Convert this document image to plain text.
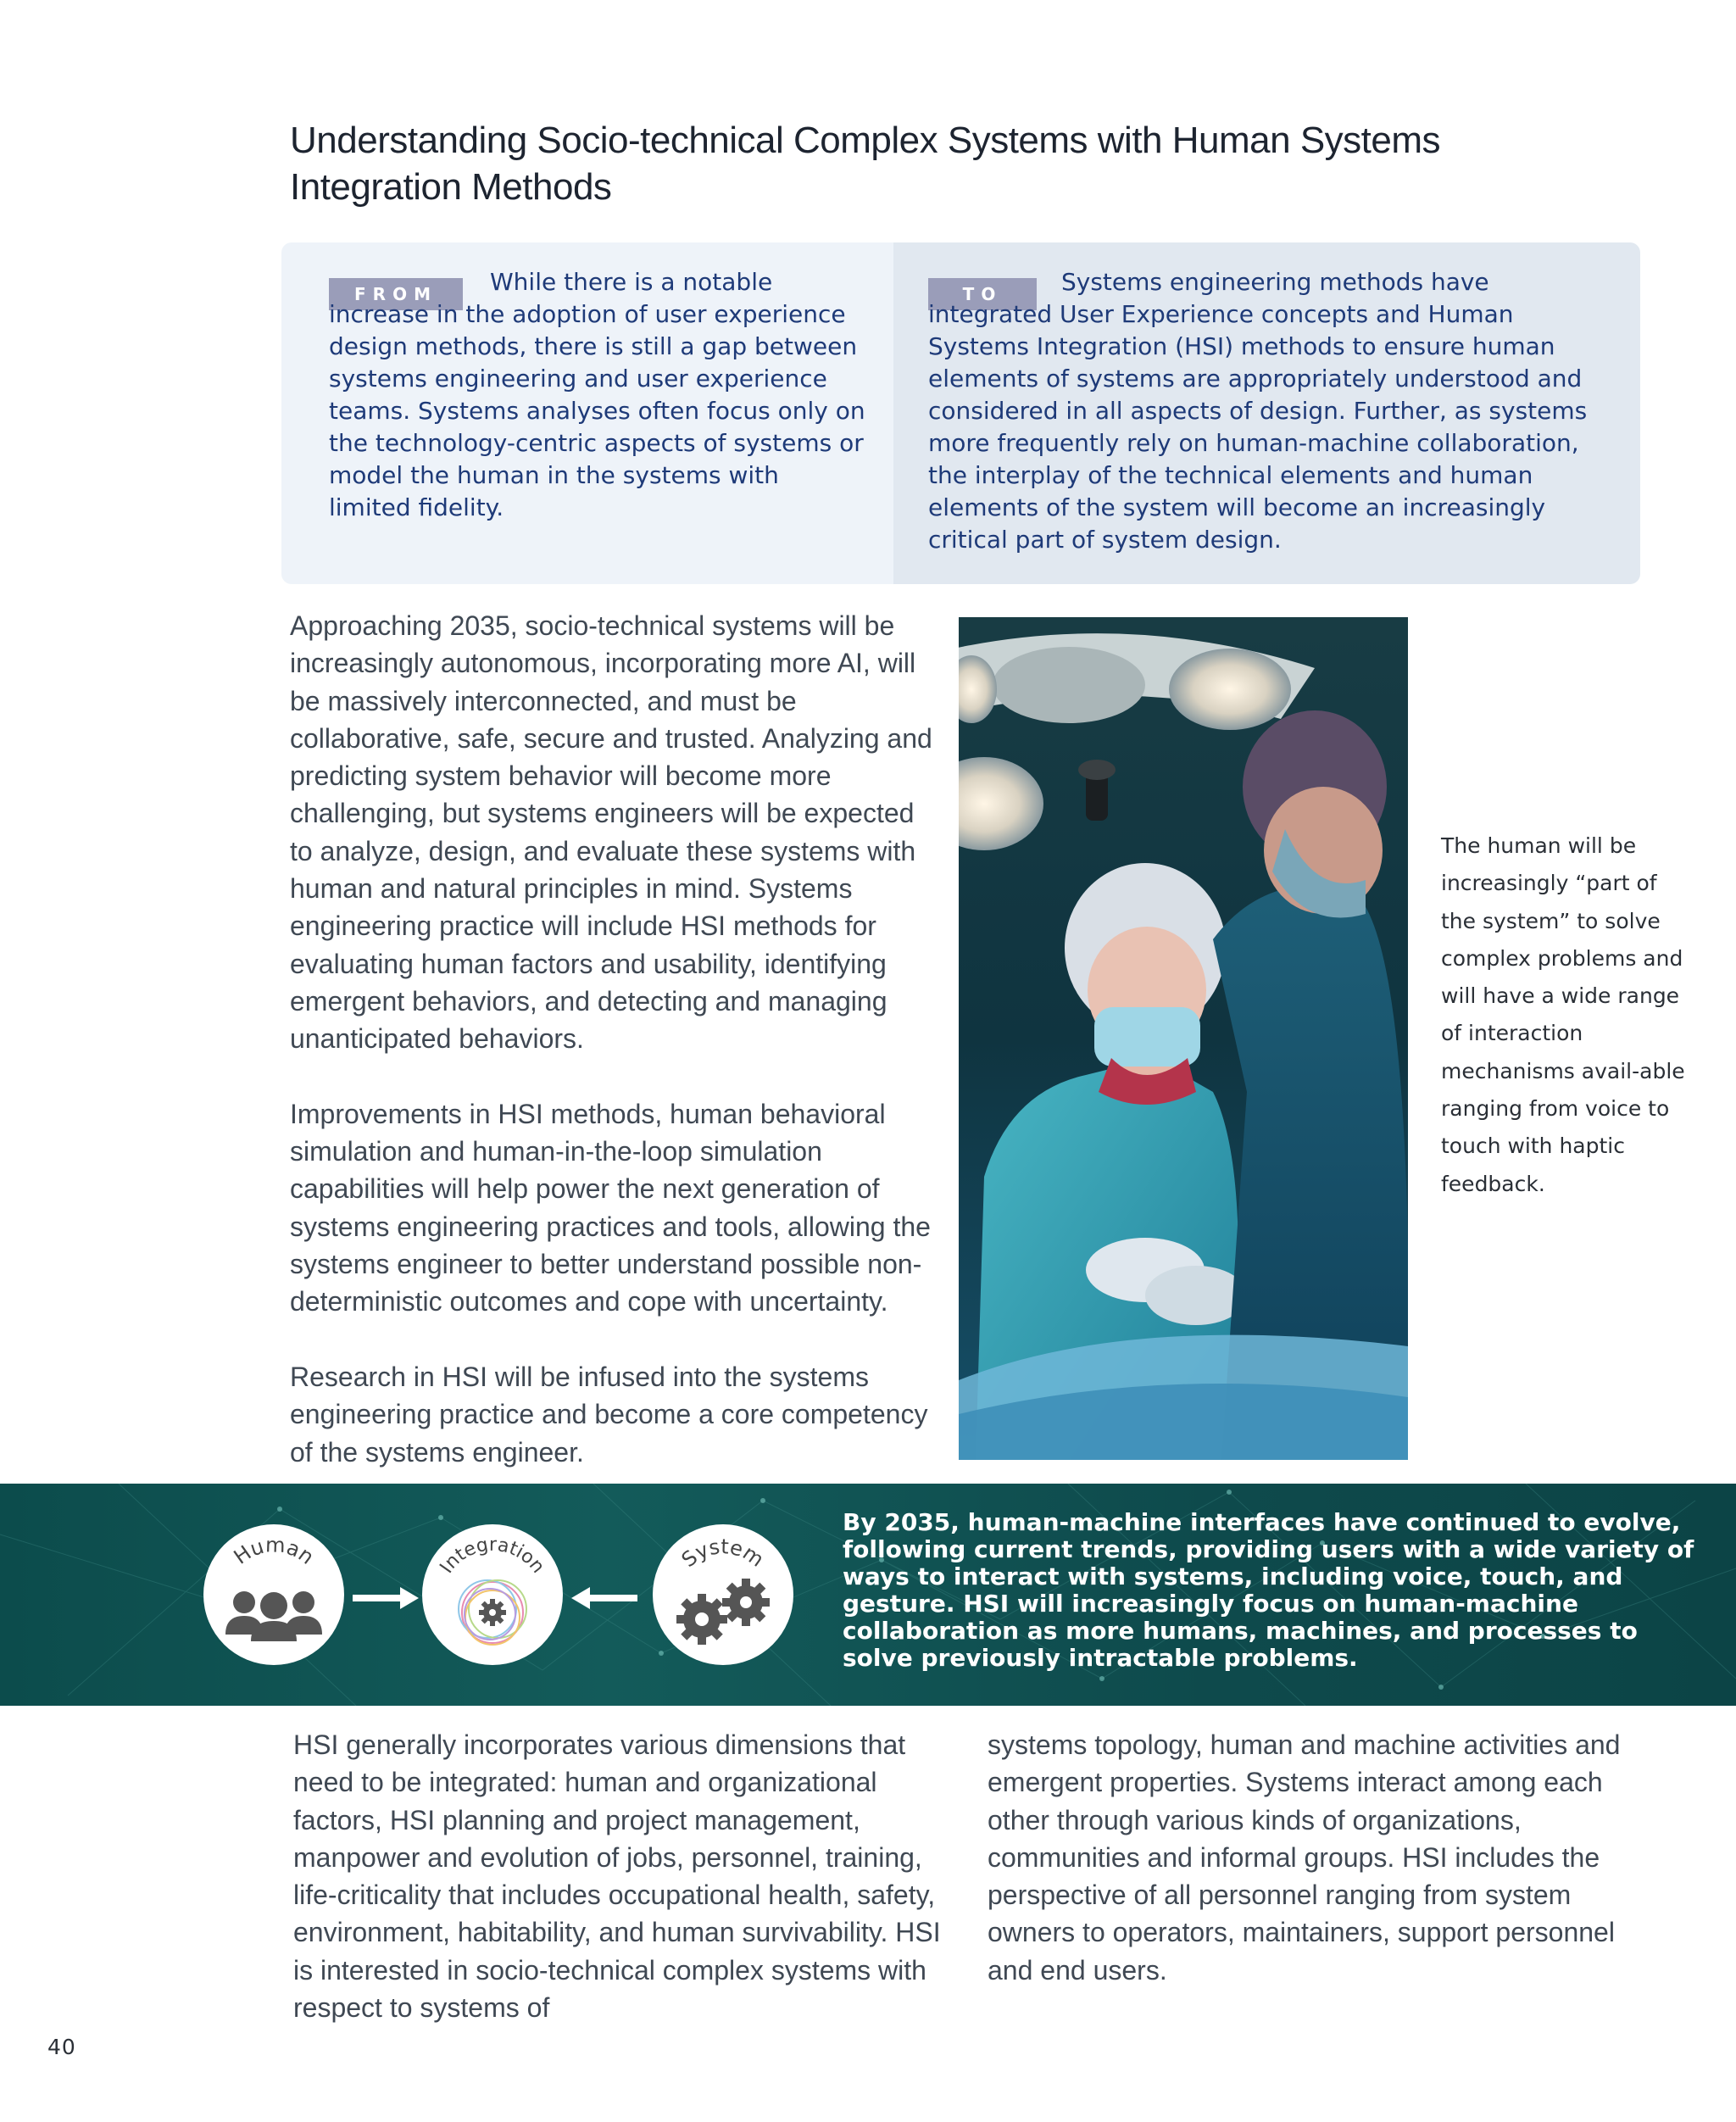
Understanding Socio-technical Complex Systems with Human Systems Integration Methods
FROM	While there is a notable increase in the adoption of user experience design methods, there is still a gap between systems engineering and user experience teams. Systems analyses often focus only on the technology-centric aspects of systems or model the human in the systems with limited fidelity.

TO	Systems engineering methods have integrated User Experience concepts and Human Systems Integration (HSI) methods to ensure human elements of systems are appropriately understood and considered in all aspects of design. Further, as systems more frequently rely on human-machine collaboration, the interplay of the technical elements and human elements of the system will become an increasingly critical part of system design.

Approaching 2035, socio-technical systems will be increasingly autonomous, incorporating more AI, will be massively interconnected, and must be collaborative, safe, secure and trusted. Analyzing and predicting system behavior will become more challenging, but systems engineers will be expected to analyze, design, and evaluate these systems with human and natural principles in mind. Systems engineering practice will include HSI methods for evaluating human factors and usability, identifying emergent behaviors, and detecting and managing unanticipated behaviors.

Improvements in HSI methods, human behavioral simulation and human-in-the-loop simulation capabilities will help power the next generation of systems engineering practices and tools, allowing the systems engineer to better understand possible non-deterministic outcomes and cope with uncertainty.

Research in HSI will be infused into the systems engineering practice and become a core competency of the systems engineer.

The human will be increasingly “part of the system” to solve complex problems and will have a wide range of interaction mechanisms avail-able ranging from voice to touch with haptic feedback.

Human	Integration	System

By 2035, human-machine interfaces have continued to evolve, following current trends, providing users with a wide variety of ways to interact with systems, including voice, touch, and gesture. HSI will increasingly focus on human-machine collaboration as more humans, machines, and processes to solve previously intractable problems.

HSI generally incorporates various dimensions that need to be integrated: human and organizational factors, HSI planning and project management, manpower and evolution of jobs, personnel, training, life-criticality that includes occupational health, safety, environment, habitability, and human survivability. HSI is interested in socio-technical complex systems with respect to systems of

systems topology, human and machine activities and emergent properties. Systems interact among each other through various kinds of organizations, communities and informal groups. HSI includes the perspective of all personnel ranging from system owners to operators, maintainers, support personnel and end users.

40
